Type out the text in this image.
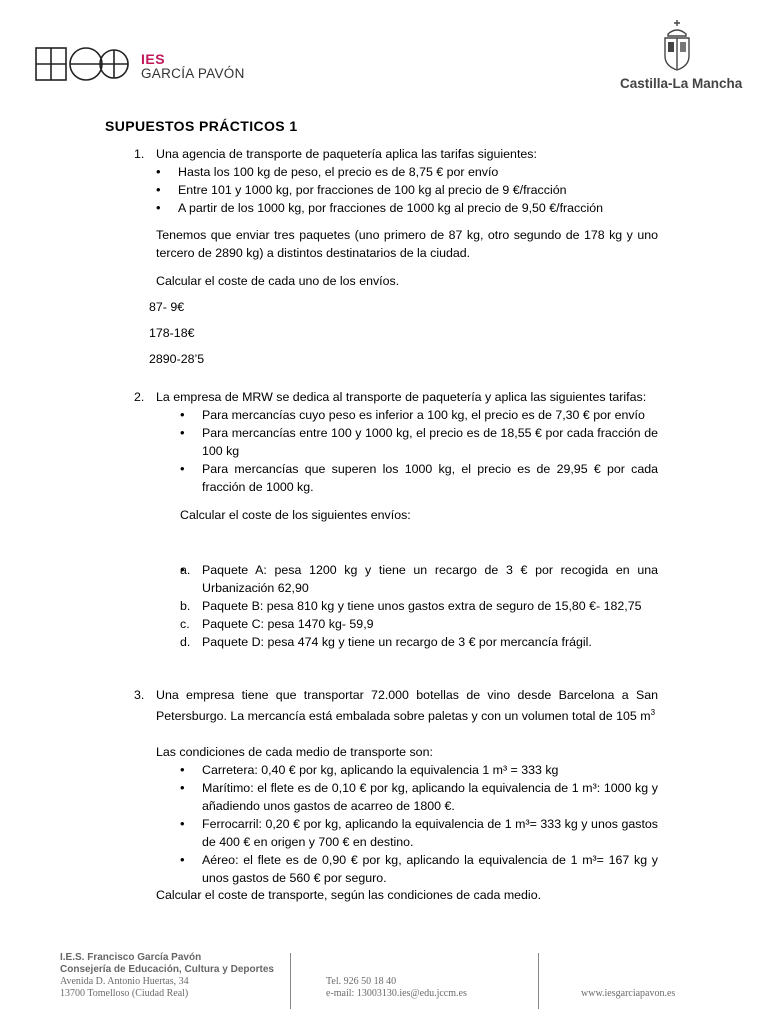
IES
GARCÍA PAVÓN
Castilla-La Mancha
SUPUESTOS PRÁCTICOS 1
1. Una agencia de transporte de paquetería aplica las tarifas siguientes:
• Hasta los 100 kg de peso, el precio es de 8,75 € por envío
• Entre 101 y 1000 kg, por fracciones de 100 kg al precio de 9 €/fracción
• A partir de los 1000 kg, por fracciones de 1000 kg al precio de 9,50 €/fracción
Tenemos que enviar tres paquetes (uno primero de 87 kg, otro segundo de 178 kg y uno tercero de 2890 kg) a distintos destinatarios de la ciudad.
Calcular el coste de cada uno de los envíos.
87- 9€
178-18€
2890-28’5
2. La empresa de MRW se dedica al transporte de paquetería y aplica las siguientes tarifas:
• Para mercancías cuyo peso es inferior a 100 kg, el precio es de 7,30 € por envío
• Para mercancías entre 100 y 1000 kg, el precio es de 18,55 € por cada fracción de 100 kg
• Para mercancías que superen los 1000 kg, el precio es de 29,95 € por cada fracción de 1000 kg.
Calcular el coste de los siguientes envíos:
• a. Paquete A: pesa 1200 kg y tiene un recargo de 3 € por recogida en una Urbanización 62,90
b. Paquete B: pesa 810 kg y tiene unos gastos extra de seguro de 15,80 €- 182,75
c. Paquete C: pesa 1470 kg- 59,9
d. Paquete D: pesa 474 kg y tiene un recargo de 3 € por mercancía frágil.
3. Una empresa tiene que transportar 72.000 botellas de vino desde Barcelona a San Petersburgo. La mercancía está embalada sobre paletas y con un volumen total de 105 $m^3$
Las condiciones de cada medio de transporte son:
• Carretera: 0,40 € por kg, aplicando la equivalencia 1 m³ = 333 kg
• Marítimo: el flete es de 0,10 € por kg, aplicando la equivalencia de 1 m³: 1000 kg y añadiendo unos gastos de acarreo de 1800 €.
• Ferrocarril: 0,20 € por kg, aplicando la equivalencia de 1 m³= 333 kg y unos gastos de 400 € en origen y 700 € en destino.
• Aéreo: el flete es de 0,90 € por kg, aplicando la equivalencia de 1 m³= 167 kg y unos gastos de 560 € por seguro.
Calcular el coste de transporte, según las condiciones de cada medio.
I.E.S. Francisco García Pavón
Consejería de Educación, Cultura y Deportes
Avenida D. Antonio Huertas, 34
13700 Tomelloso (Ciudad Real)
Tel. 926 50 18 40
e-mail: 13003130.ies@edu.jccm.es	www.iesgarciapavon.es
